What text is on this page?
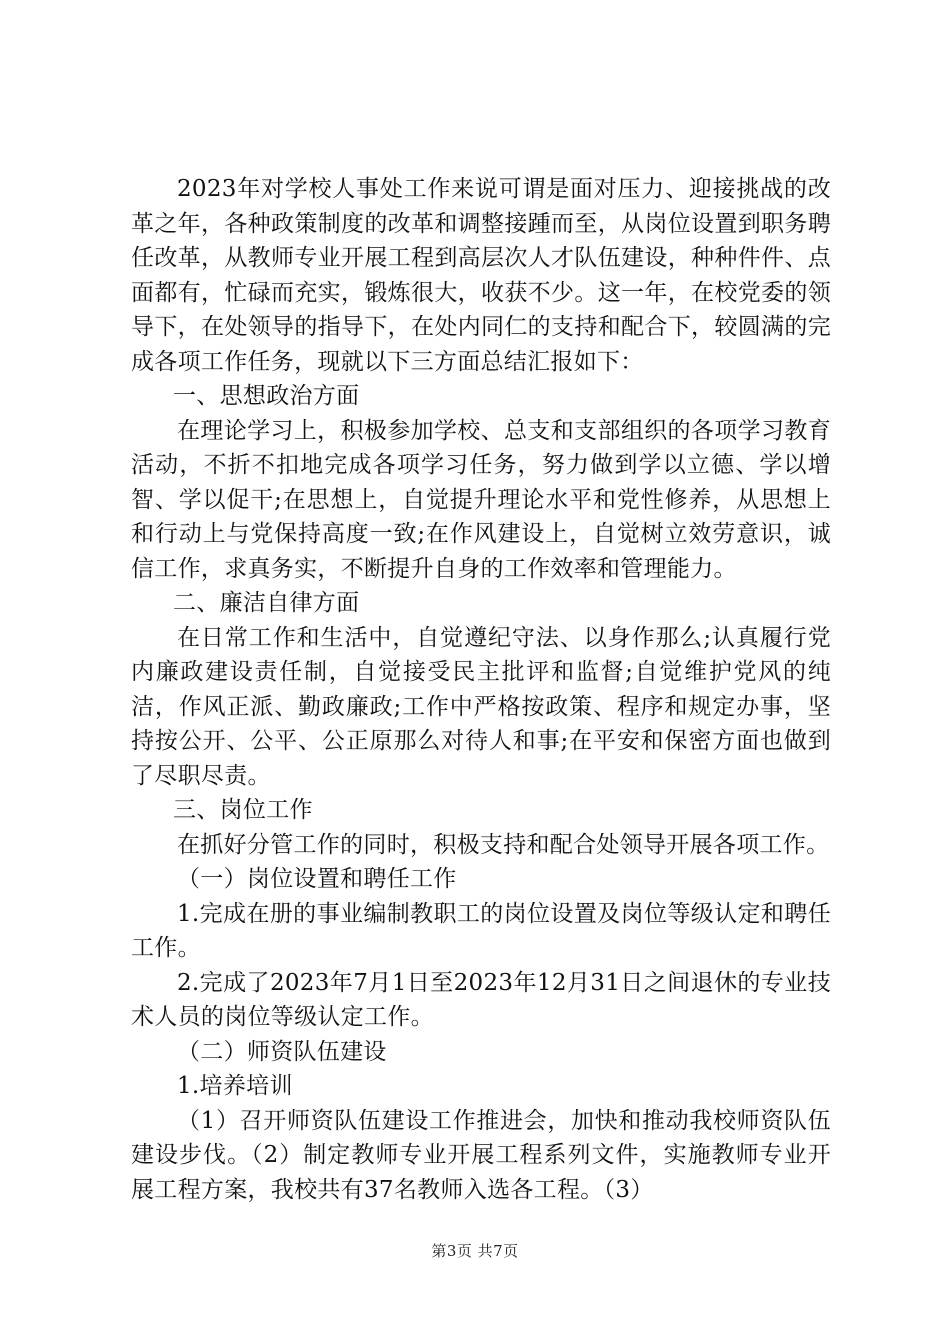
2023年对学校人事处工作来说可谓是面对压力、迎接挑战的改革之年，各种政策制度的改革和调整接踵而至，从岗位设置到职务聘任改革，从教师专业开展工程到高层次人才队伍建设，种种件件、点面都有，忙碌而充实，锻炼很大，收获不少。这一年，在校党委的领导下，在处领导的指导下，在处内同仁的支持和配合下，较圆满的完成各项工作任务，现就以下三方面总结汇报如下：

一、思想政治方面

在理论学习上，积极参加学校、总支和支部组织的各项学习教育活动，不折不扣地完成各项学习任务，努力做到学以立德、学以增智、学以促干;在思想上，自觉提升理论水平和党性修养，从思想上和行动上与党保持高度一致;在作风建设上，自觉树立效劳意识，诚信工作，求真务实，不断提升自身的工作效率和管理能力。

二、廉洁自律方面

在日常工作和生活中，自觉遵纪守法、以身作那么;认真履行党内廉政建设责任制，自觉接受民主批评和监督;自觉维护党风的纯洁，作风正派、勤政廉政;工作中严格按政策、程序和规定办事，坚持按公开、公平、公正原那么对待人和事;在平安和保密方面也做到了尽职尽责。

三、岗位工作

在抓好分管工作的同时，积极支持和配合处领导开展各项工作。

（一）岗位设置和聘任工作

1.完成在册的事业编制教职工的岗位设置及岗位等级认定和聘任工作。

2.完成了2023年7月1日至2023年12月31日之间退休的专业技术人员的岗位等级认定工作。

（二）师资队伍建设

1.培养培训

（1）召开师资队伍建设工作推进会，加快和推动我校师资队伍建设步伐。（2）制定教师专业开展工程系列文件，实施教师专业开展工程方案，我校共有37名教师入选各工程。（3）

第3页 共7页
